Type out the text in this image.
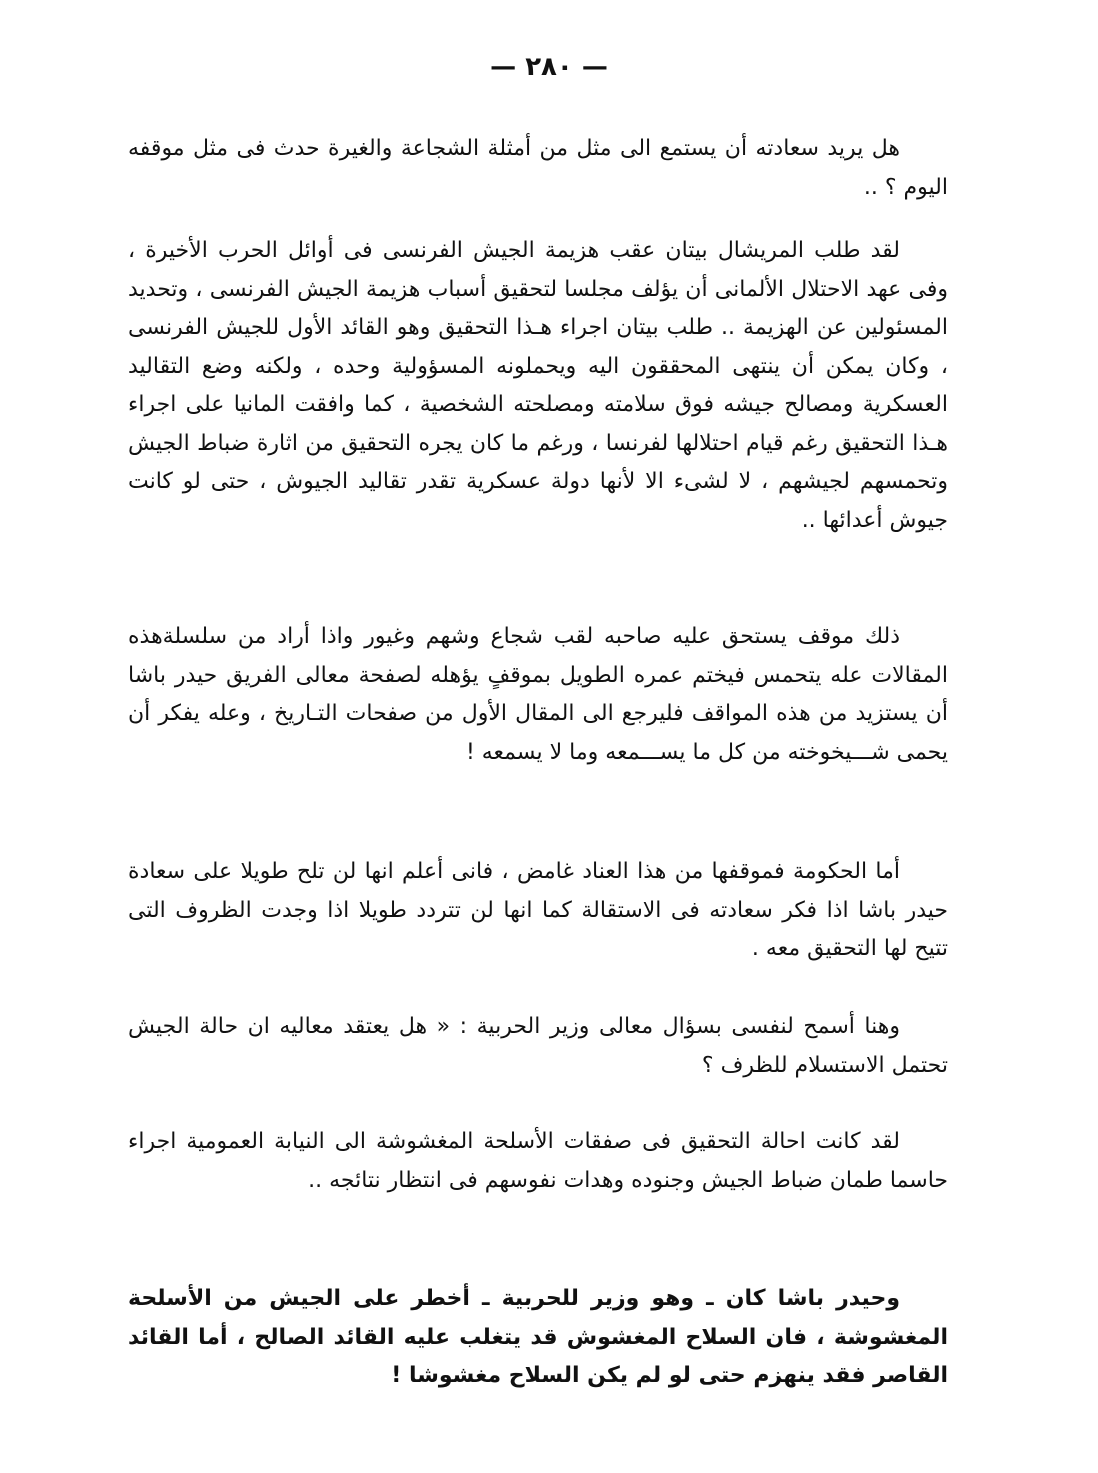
— ٢٨٠ —
هل يريد سعادته أن يستمع الى مثل من أمثلة الشجاعة والغيرة حدث فى مثل موقفه اليوم ؟ ..
لقد طلب المريشال بيتان عقب هزيمة الجيش الفرنسى فى أوائل الحرب الأخيرة ، وفى عهد الاحتلال الألمانى أن يؤلف مجلسا لتحقيق أسباب هزيمة الجيش الفرنسى ، وتحديد المسئولين عن الهزيمة .. طلب بيتان اجراء هـذا التحقيق وهو القائد الأول للجيش الفرنسى ، وكان يمكن أن ينتهى المحققون اليه ويحملونه المسؤولية وحده ، ولكنه وضع التقاليد العسكرية ومصالح جيشه فوق سلامته ومصلحته الشخصية ، كما وافقت المانيا على اجراء هـذا التحقيق رغم قيام احتلالها لفرنسا ، ورغم ما كان يجره التحقيق من اثارة ضباط الجيش وتحمسهم لجيشهم ، لا لشىء الا لأنها دولة عسكرية تقدر تقاليد الجيوش ، حتى لو كانت جيوش أعدائها ..
ذلك موقف يستحق عليه صاحبه لقب شجاع وشهم وغيور واذا أراد من سلسلةهذه المقالات عله يتحمس فيختم عمره الطويل بموقفٍ يؤهله لصفحة معالى الفريق حيدر باشا أن يستزيد من هذه المواقف فليرجع الى المقال الأول من صفحات التـاريخ ، وعله يفكر أن يحمى شـــيخوخته من كل ما يســـمعه وما لا يسمعه !
أما الحكومة فموقفها من هذا العناد غامض ، فانى أعلم انها لن تلح طويلا على سعادة حيدر باشا اذا فكر سعادته فى الاستقالة كما انها لن تتردد طويلا اذا وجدت الظروف التى تتيح لها التحقيق معه .
وهنا أسمح لنفسى بسؤال معالى وزير الحربية : « هل يعتقد معاليه ان حالة الجيش تحتمل الاستسلام للظرف ؟
لقد كانت احالة التحقيق فى صفقات الأسلحة المغشوشة الى النيابة العمومية اجراء حاسما طمان ضباط الجيش وجنوده وهدات نفوسهم فى انتظار نتائجه ..
وحيدر باشا كان ـ وهو وزير للحربية ـ أخطر على الجيش من الأسلحة المغشوشة ، فان السلاح المغشوش قد يتغلب عليه القائد الصالح ، أما القائد القاصر فقد ينهزم حتى لو لم يكن السلاح مغشوشا !
